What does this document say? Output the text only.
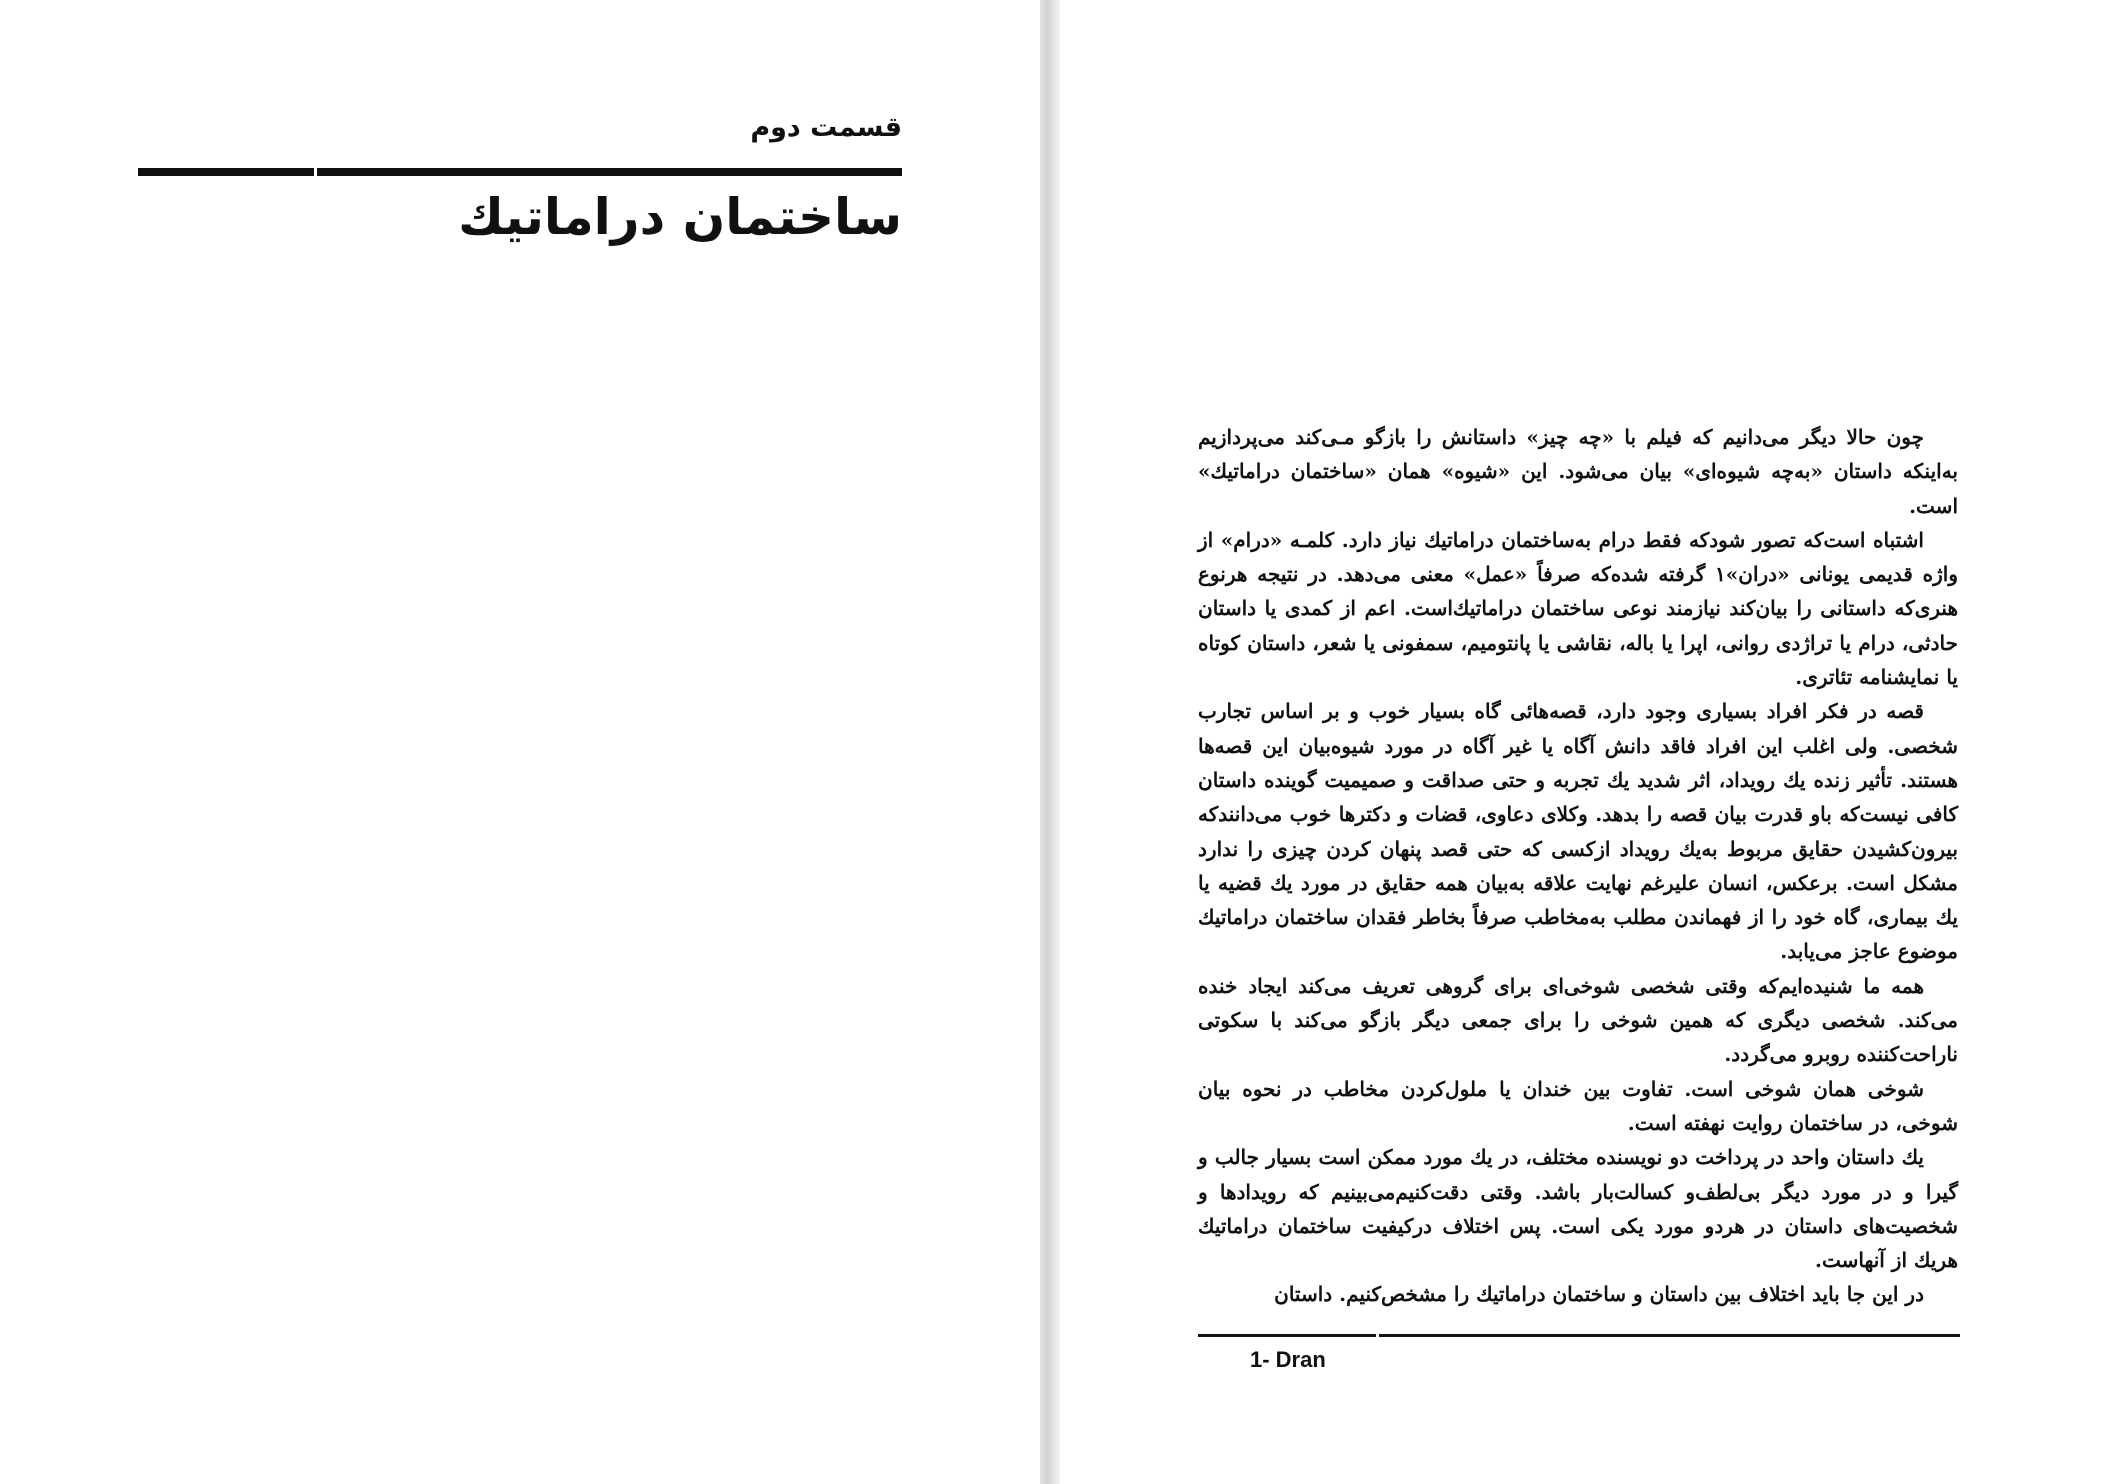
قسمت دوم
ساختمان دراماتیك

چون حالا دیگر می‌دانیم که فیلم با «چه چیز» داستانش را بازگو مـی‌کند می‌پردازیم به‌اینکه داستان «به‌چه شیوه‌ای» بیان می‌شود. این «شیوه» همان «ساختمان دراماتیك» است.

اشتباه است‌که تصور شودکه فقط درام به‌ساختمان دراماتیك نیاز دارد. کلمـه «درام» از واژه قدیمی یونانی «دران»۱ گرفته شده‌که صرفاً «عمل» معنی می‌دهد. در نتیجه هرنوع هنری‌که داستانی را بیان‌کند نیازمند نوعی ساختمان دراماتیك‌است. اعم از کمدی یا داستان حادثی، درام یا تراژدی روانی، اپرا یا باله، نقاشی یا پانتومیم، سمفونی یا شعر، داستان کوتاه یا نمایشنامه تئاتری.

قصه در فکر افراد بسیاری وجود دارد، قصه‌هائی گاه بسیار خوب و بر اساس تجارب شخصی. ولی اغلب این افراد فاقد دانش آگاه یا غیر آگاه در مورد شیوه‌بیان این قصه‌ها هستند. تأثیر زنده یك رویداد، اثر شدید یك تجربه و حتی صداقت و صمیمیت گوینده داستان کافی نیست‌که باو قدرت بیان قصه را بدهد. وکلای دعاوی، قضات و دکترها خوب می‌دانندکه بیرون‌کشیدن حقایق مربوط به‌یك رویداد ازکسی که حتی قصد پنهان کردن چیزی را ندارد مشکل است. برعکس، انسان علیرغم نهایت علاقه به‌بیان همه حقایق در مورد یك قضیه یا یك بیماری، گاه خود را از فهماندن مطلب به‌مخاطب صرفاً بخاطر فقدان ساختمان دراماتیك موضوع عاجز می‌یابد.

همه ما شنیده‌ایم‌که وقتی شخصی شوخی‌ای برای گروهی تعریف می‌کند ایجاد خنده می‌کند. شخصی دیگری که همین شوخی را برای جمعی دیگر بازگو می‌کند با سکوتی ناراحت‌کننده روبرو می‌گردد.

شوخی همان شوخی است. تفاوت بین خندان یا ملول‌کردن مخاطب در نحوه بیان شوخی، در ساختمان روایت نهفته است.

یك داستان واحد در پرداخت دو نویسنده مختلف، در یك مورد ممکن است بسیار جالب و گیرا و در مورد دیگر بی‌لطف‌و کسالت‌بار باشد. وقتی دقت‌کنیم‌می‌بینیم که رویدادها و شخصیت‌های داستان در هردو مورد یکی است. پس اختلاف درکیفیت ساختمان دراماتیك هریك از آنهاست.

در این جا باید اختلاف بین داستان و ساختمان دراماتیك را مشخص‌کنیم. داستان

1- Dran
